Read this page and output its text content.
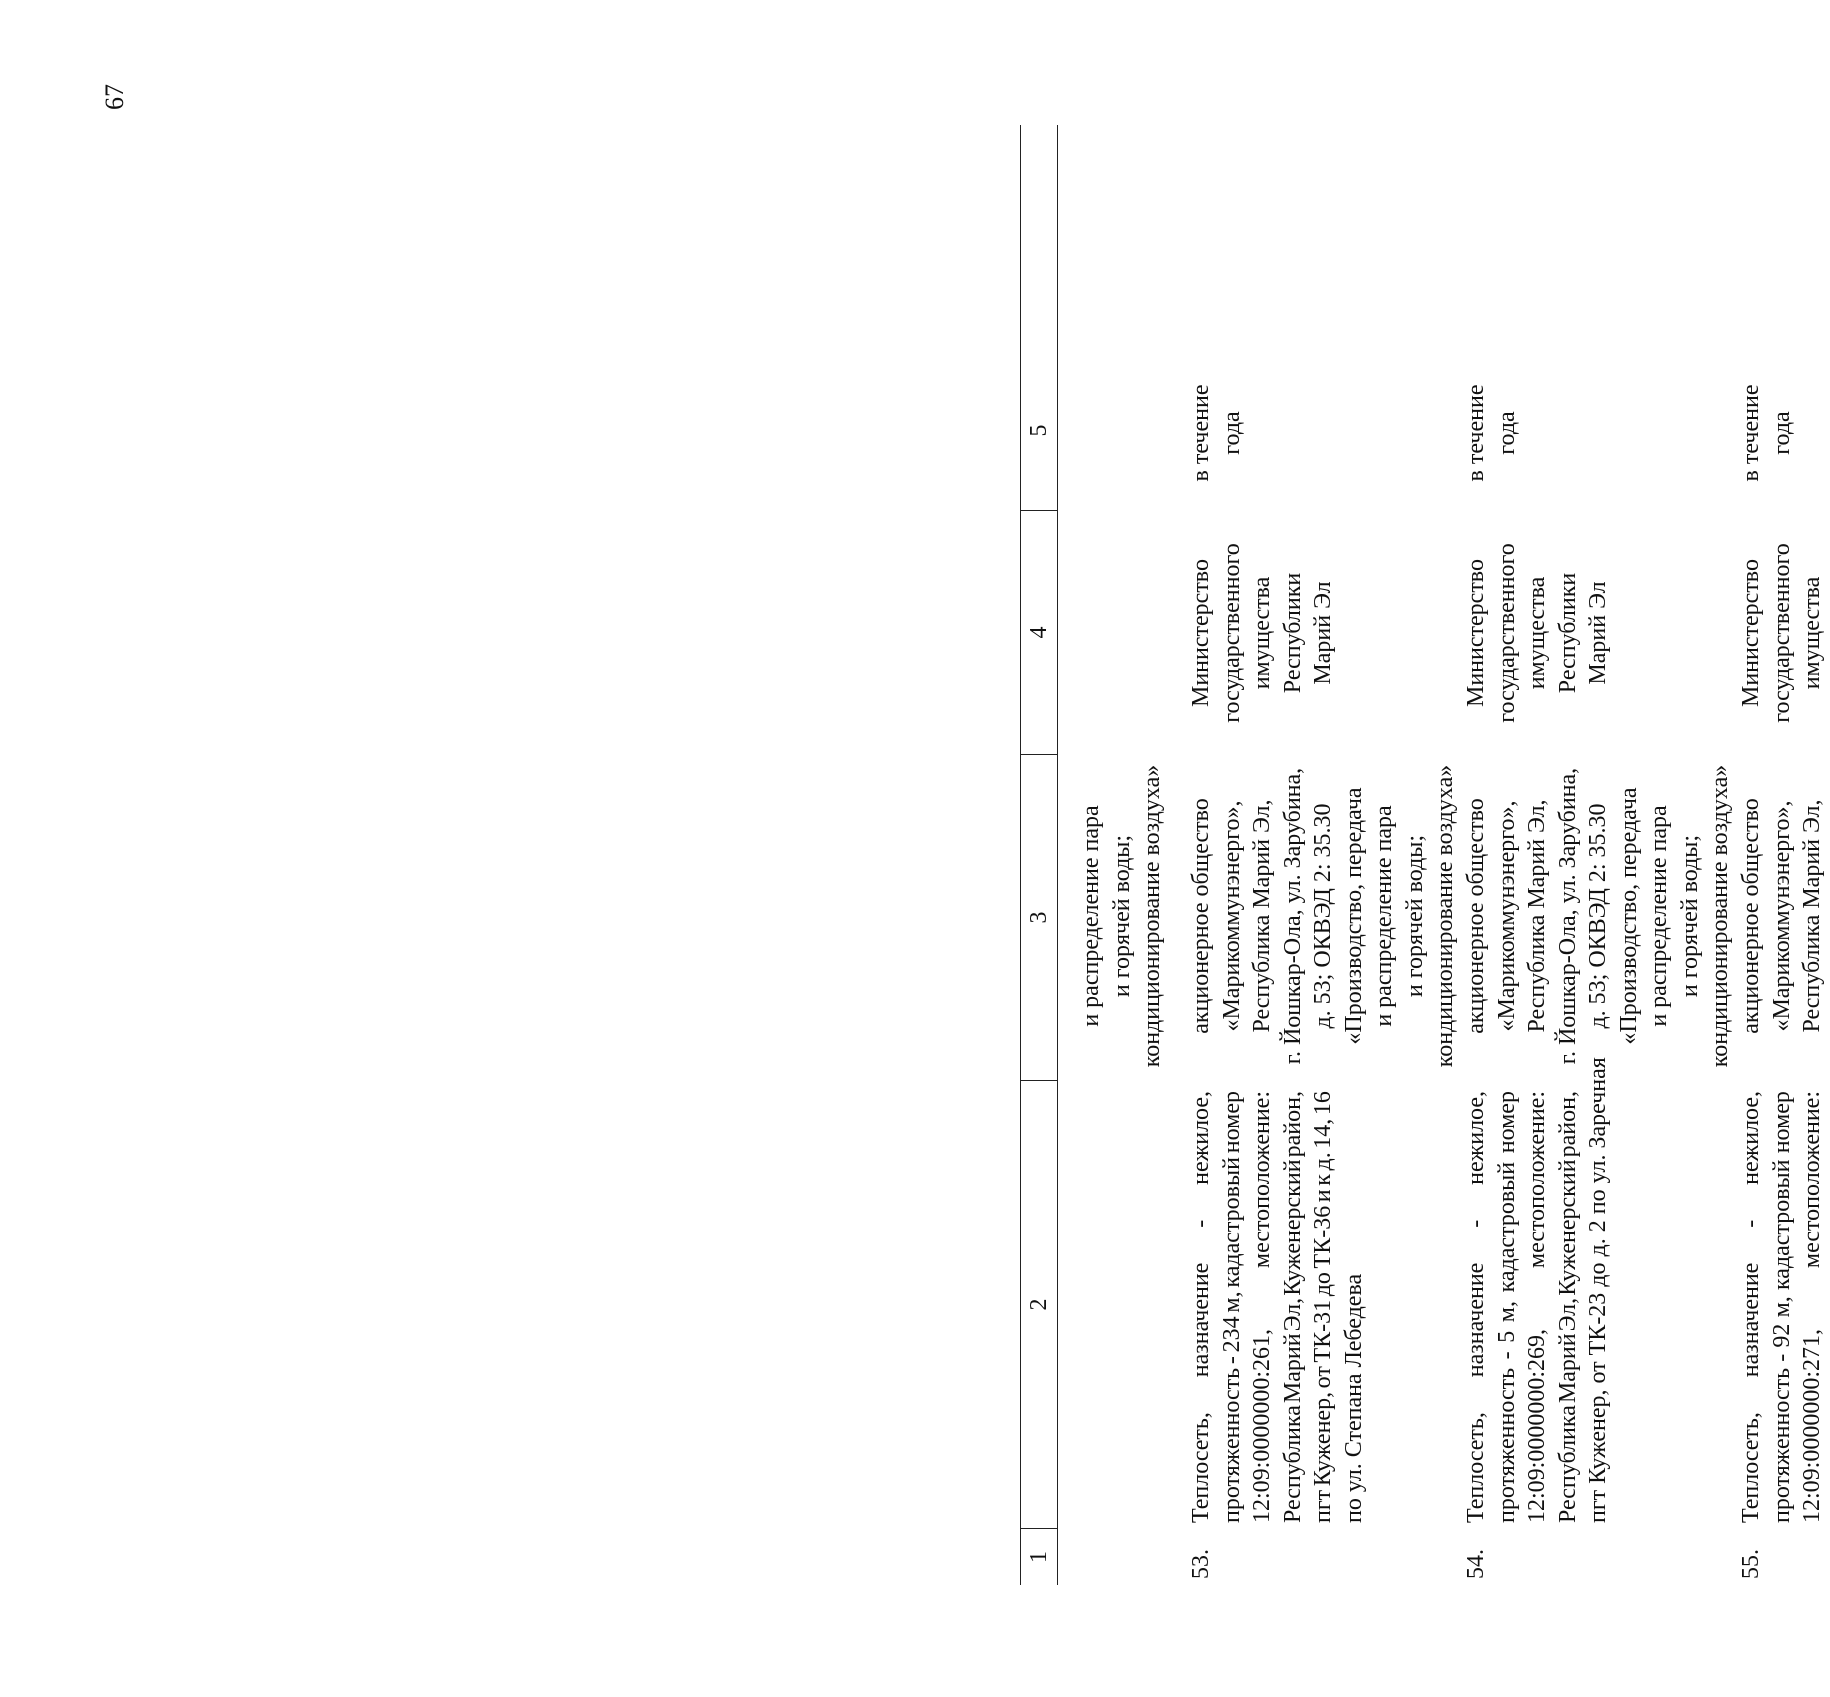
67
1
2
3
4
5
и распределение пара и горячей воды; кондиционирование воздуха»
53.
Теплосеть,
назначение
-
нежилое,
протяженность
-
234
м,
кадастровый
номер
12:09:0000000:261,
местоположение:
Республика
Марий
Эл,
Куженерский
район,
пгт
Куженер,
от
ТК-31
до
ТК-36
и
к
д.
14,
16
по ул. Степана Лебедева
акционерное общество «Марикоммунэнерго», Республика Марий Эл, г. Йошкар-Ола, ул. Зарубина, д. 53; ОКВЭД 2: 35.30 «Производство, передача и распределение пара и горячей воды; кондиционирование воздуха»
Министерство государственного имущества Республики Марий Эл
в течение года
54.
Теплосеть,
назначение
-
нежилое,
протяженность
-
5
м,
кадастровый
номер
12:09:0000000:269,
местоположение:
Республика
Марий
Эл,
Куженерский
район, пгт Куженер, от ТК-23 до д. 2 по ул. Заречная
акционерное общество «Марикоммунэнерго», Республика Марий Эл, г. Йошкар-Ола, ул. Зарубина, д. 53; ОКВЭД 2: 35.30 «Производство, передача и распределение пара и горячей воды; кондиционирование воздуха»
Министерство государственного имущества Республики Марий Эл
в течение года
55.
Теплосеть,
назначение
-
нежилое,
протяженность
-
92
м,
кадастровый
номер
12:09:0000000:271,
местоположение:
акционерное общество «Марикоммунэнерго», Республика Марий Эл,
Министерство государственного имущества
в течение года
